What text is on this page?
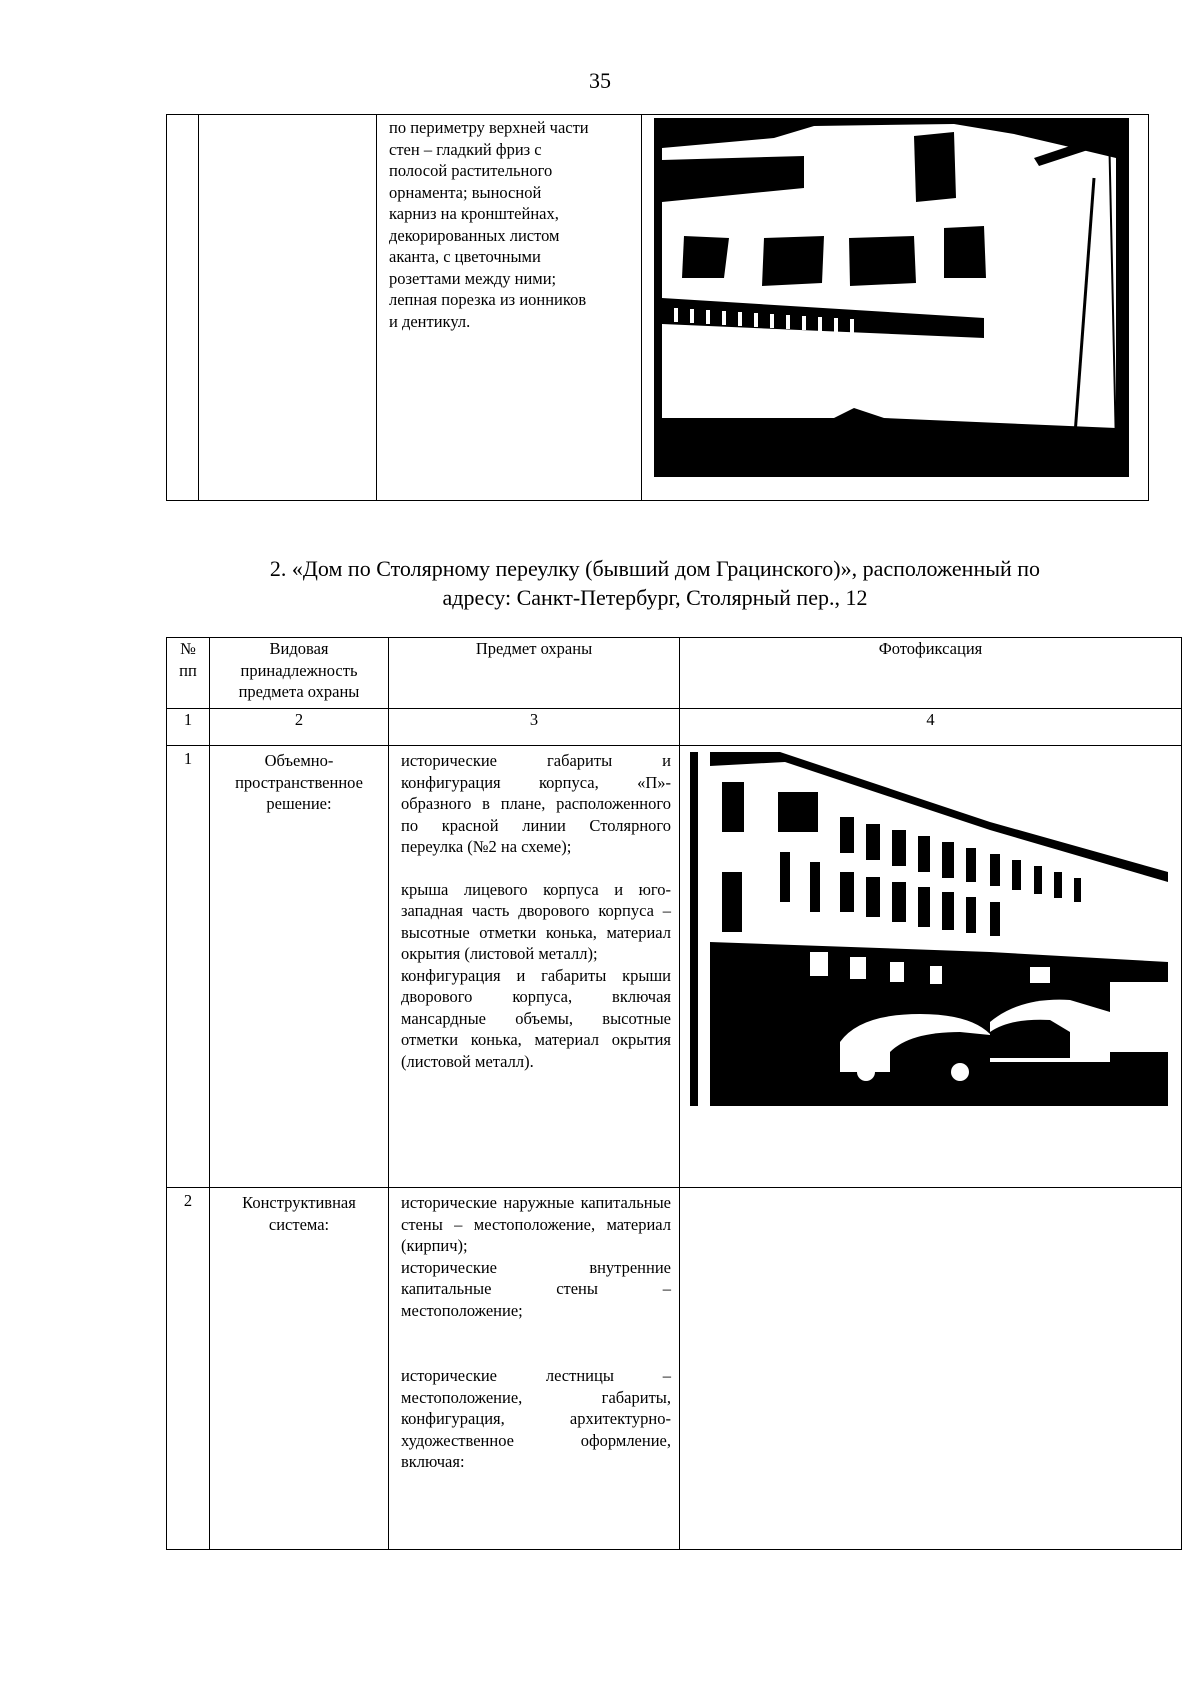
35

по периметру верхней части
стен – гладкий фриз с
полосой растительного
орнамента; выносной
карниз на кронштейнах,
декорированных листом
аканта, с цветочными
розеттами между ними;
лепная порезка из ионников
и дентикул.

2. «Дом по Столярному переулку (бывший дом Грацинского)», расположенный по
адресу: Санкт-Петербург, Столярный пер., 12
№ пп	Видовая принадлежность предмета охраны	Предмет охраны	Фотофиксация
1	2	3	4
1	Объемно-пространственное решение:	исторические габариты и конфигурация корпуса, «П»-образного в плане, расположенного по красной линии Столярного переулка (№2 на схеме);
крыша лицевого корпуса и юго-западная часть дворового корпуса – высотные отметки конька, материал окрытия (листовой металл);
конфигурация и габариты крыши дворового корпуса, включая мансардные объемы, высотные отметки конька, материал окрытия (листовой металл).

2	Конструктивная система:	исторические наружные капитальные стены – местоположение, материал (кирпич);
исторические внутренние капитальные стены – местоположение;
исторические лестницы – местоположение, габариты, конфигурация, архитектурно-художественное оформление, включая:	
